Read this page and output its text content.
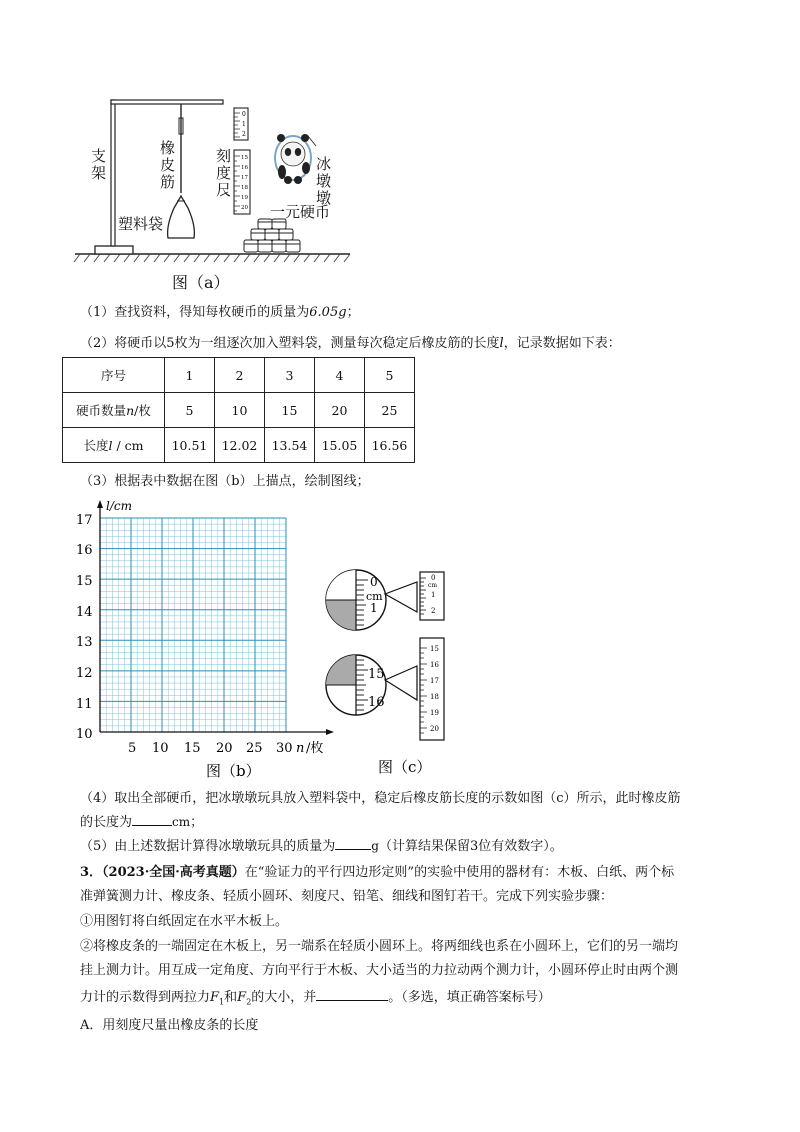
0
1
2
15
16
17
18
19
20
支架
橡皮筋
刻度尺
冰墩墩
一元硬币
塑料袋
图（a）
（1）查找资料，得知每枚硬币的质量为6.05g；
（2）将硬币以5枚为一组逐次加入塑料袋，测量每次稳定后橡皮筋的长度l，记录数据如下表：
序号	1	2	3	4	5
硬币数量n/枚	5	10	15	20	25
长度l / cm	10.51	12.02	13.54	15.05	16.56
（3）根据表中数据在图（b）上描点，绘制图线；
l/cm
17
16
15
14
13
12
11
10
5 10 15 20 25 30 n /枚
图（b）
0
cm
1
0
cm
1
2
15
16
15
16
17
18
19
20
图（c）
（4）取出全部硬币，把冰墩墩玩具放入塑料袋中，稳定后橡皮筋长度的示数如图（c）所示，此时橡皮筋
的长度为	cm；
（5）由上述数据计算得冰墩墩玩具的质量为	g（计算结果保留3位有效数字）。
3．（2023·全国·高考真题）在“验证力的平行四边形定则”的实验中使用的器材有：木板、白纸、两个标
准弹簧测力计、橡皮条、轻质小圆环、刻度尺、铅笔、细线和图钉若干。完成下列实验步骤：
①用图钉将白纸固定在水平木板上。
②将橡皮条的一端固定在木板上，另一端系在轻质小圆环上。将两细线也系在小圆环上，它们的另一端均
挂上测力计。用互成一定角度、方向平行于木板、大小适当的力拉动两个测力计，小圆环停止时由两个测
力计的示数得到两拉力$F_1$和$F_2$的大小，并	。（多选，填正确答案标号）
A．用刻度尺量出橡皮条的长度
